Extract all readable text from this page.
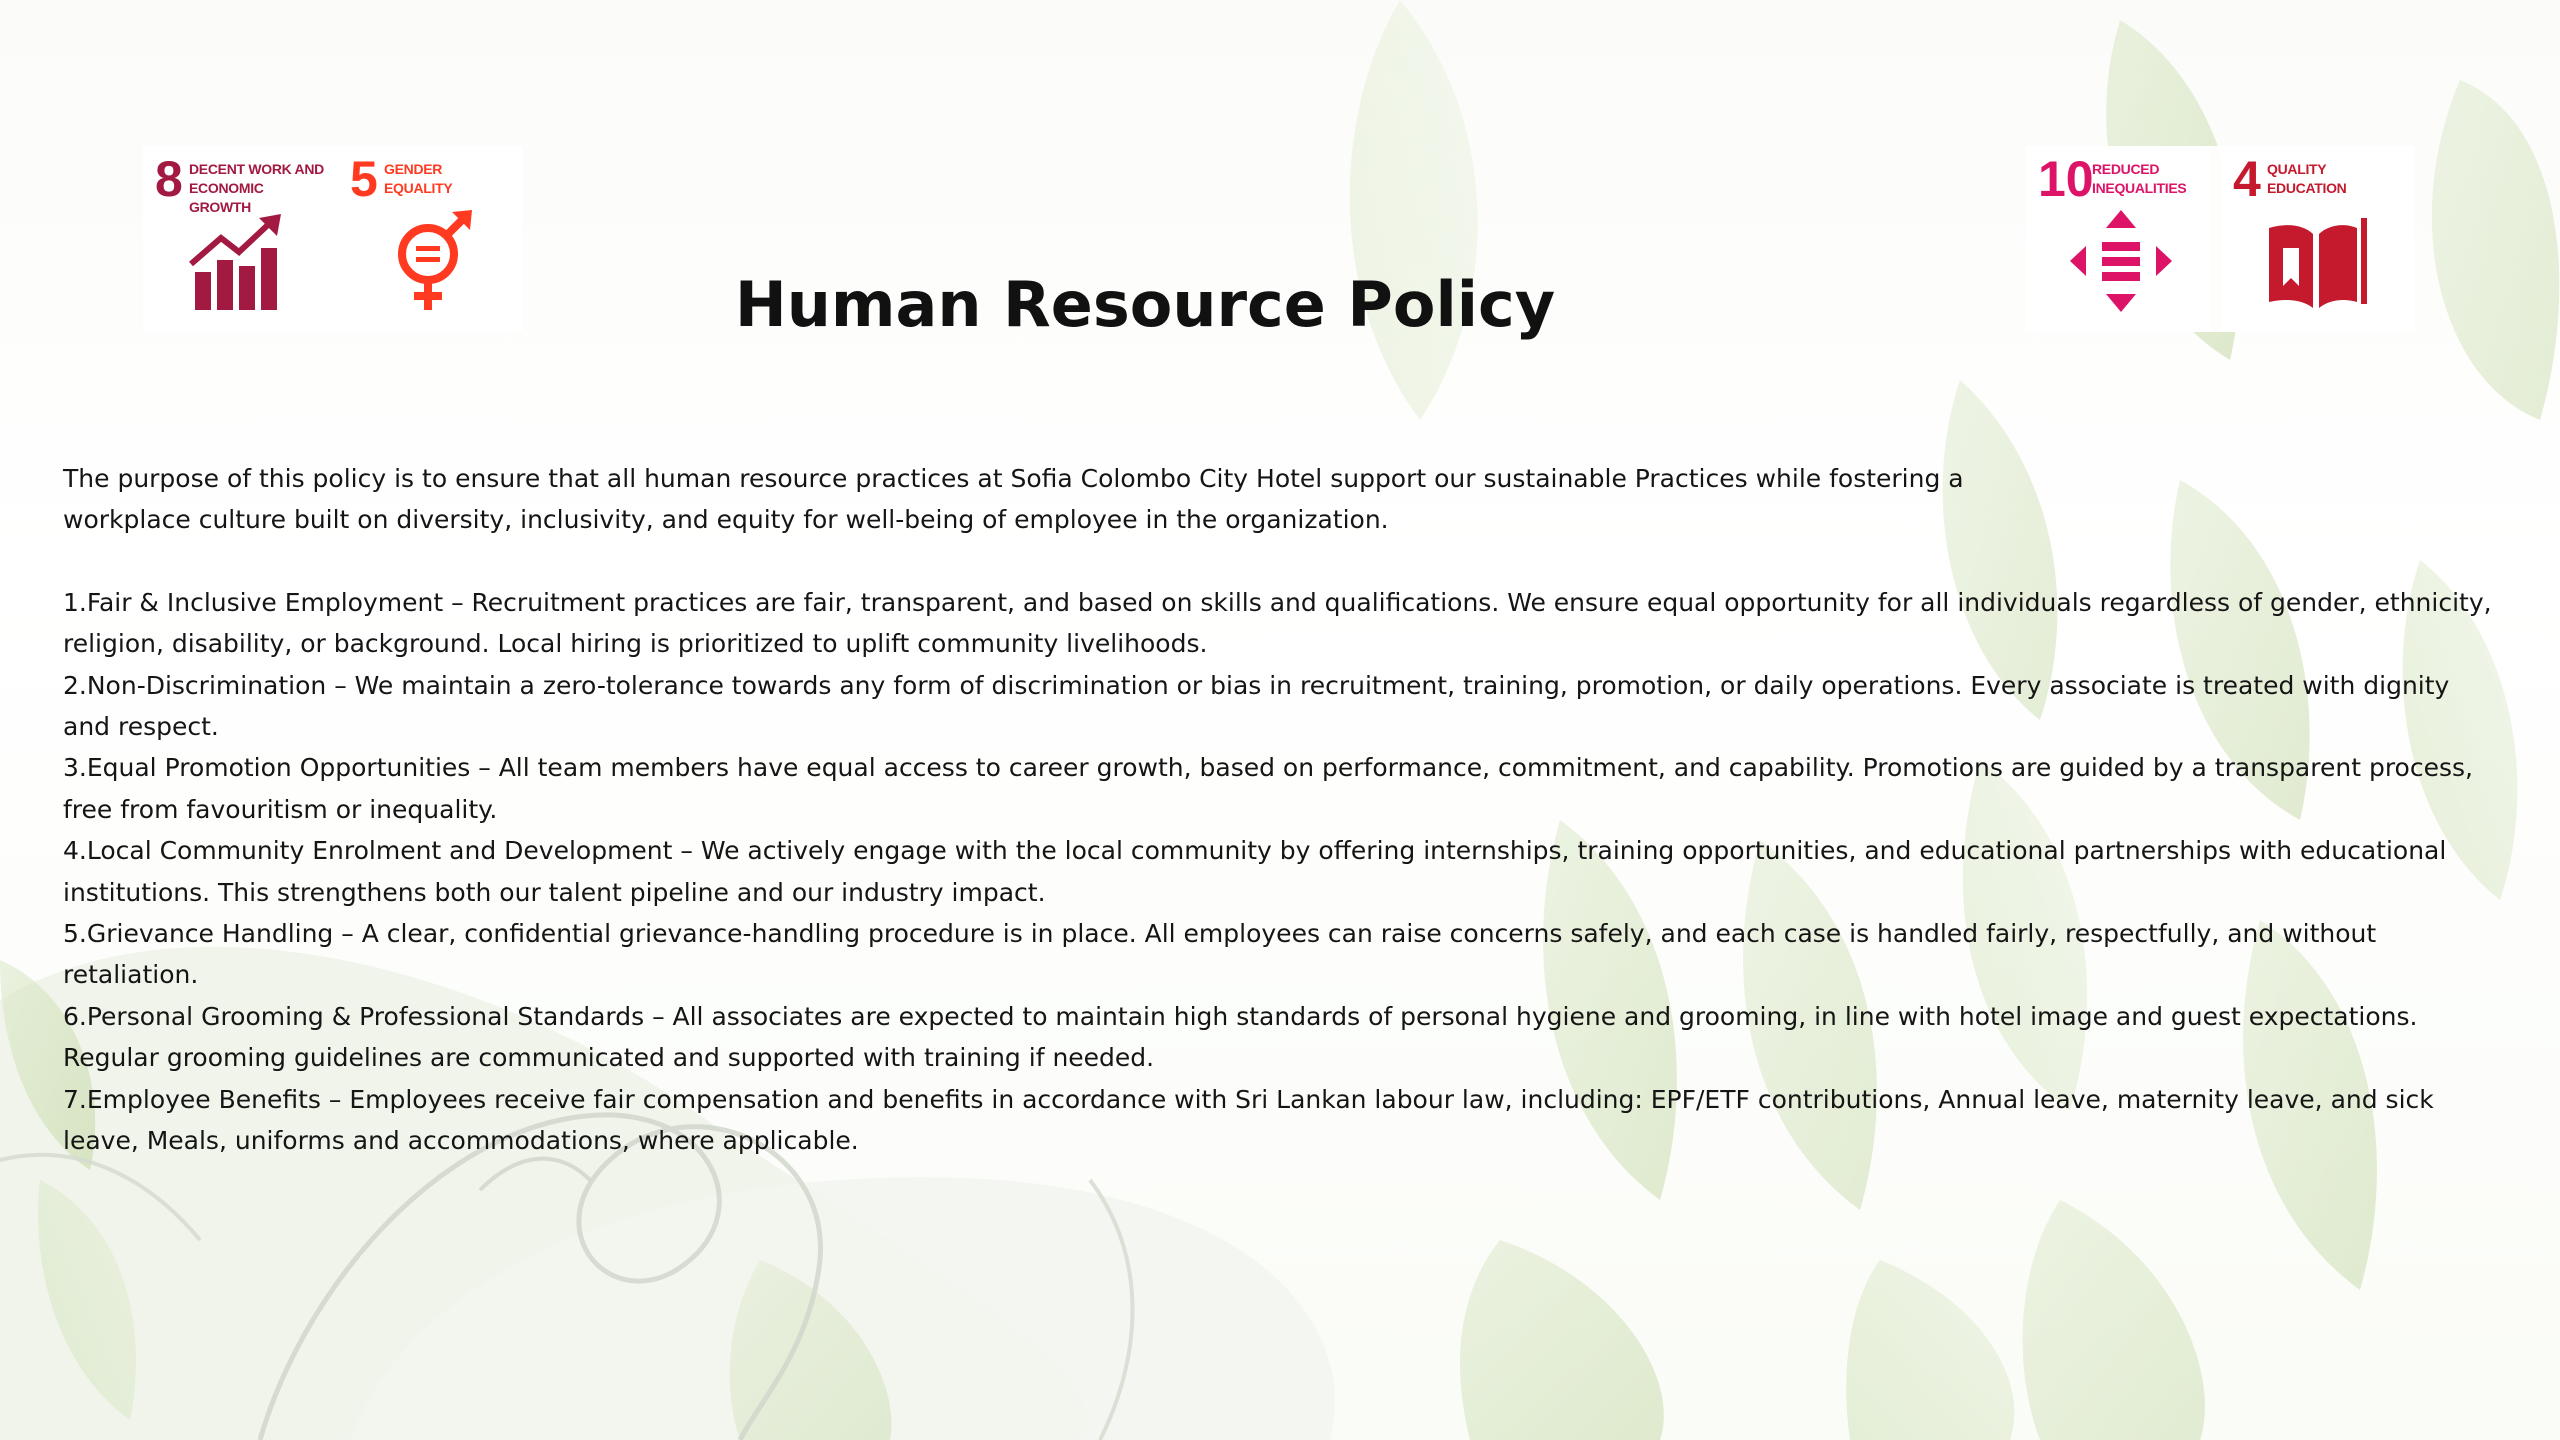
8 DECENT WORK AND
ECONOMIC GROWTH	5 GENDER
EQUALITY	10
REDUCED
INEQUALITIES 4 QUALITY
EDUCATION
Human Resource Policy

The purpose of this policy is to ensure that all human resource practices at Sofia Colombo City Hotel support our sustainable Practices while fostering a workplace culture built on diversity, inclusivity, and equity for well-being of employee in the organization.

1.Fair & Inclusive Employment – Recruitment practices are fair, transparent, and based on skills and qualifications. We ensure equal opportunity for all individuals regardless of gender, ethnicity, religion, disability, or background. Local hiring is prioritized to uplift community livelihoods.
2.Non-Discrimination – We maintain a zero-tolerance towards any form of discrimination or bias in recruitment, training, promotion, or daily operations. Every associate is treated with dignity and respect.
3.Equal Promotion Opportunities – All team members have equal access to career growth, based on performance, commitment, and capability. Promotions are guided by a transparent process, free from favouritism or inequality.
4.Local Community Enrolment and Development – We actively engage with the local community by offering internships, training opportunities, and educational partnerships with educational institutions. This strengthens both our talent pipeline and our industry impact.
5.Grievance Handling – A clear, confidential grievance-handling procedure is in place. All employees can raise concerns safely, and each case is handled fairly, respectfully, and without retaliation.
6.Personal Grooming & Professional Standards – All associates are expected to maintain high standards of personal hygiene and grooming, in line with hotel image and guest expectations. Regular grooming guidelines are communicated and supported with training if needed.
7.Employee Benefits – Employees receive fair compensation and benefits in accordance with Sri Lankan labour law, including: EPF/ETF contributions, Annual leave, maternity leave, and sick leave, Meals, uniforms and accommodations, where applicable.
